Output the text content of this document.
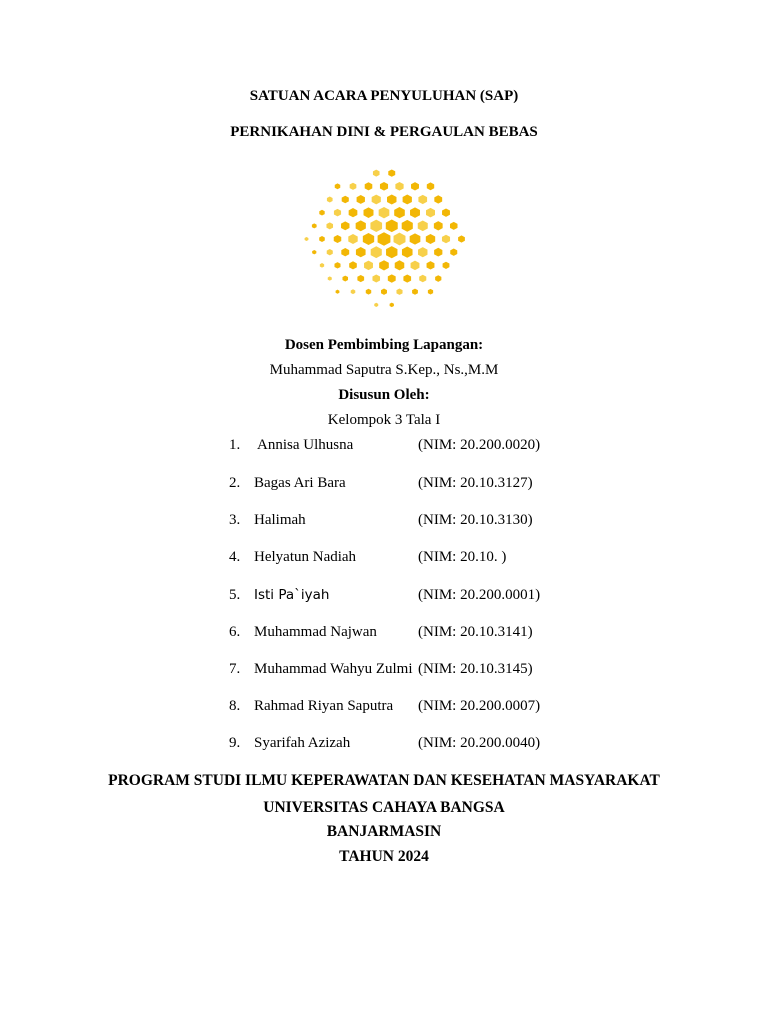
SATUAN ACARA PENYULUHAN (SAP)
PERNIKAHAN DINI & PERGAULAN BEBAS
Dosen Pembimbing Lapangan:
Muhammad Saputra S.Kep., Ns.,M.M
Disusun Oleh:
Kelompok 3 Tala I
1. Annisa Ulhusna	(NIM: 20.200.0020)
2. Bagas Ari Bara	(NIM: 20.10.3127)
3. Halimah	(NIM: 20.10.3130)
4. Helyatun Nadiah	(NIM: 20.10. )
5. Isti Pa`iyah	(NIM: 20.200.0001)
6. Muhammad Najwan	(NIM: 20.10.3141)
7. Muhammad Wahyu Zulmi (NIM: 20.10.3145)
8. Rahmad Riyan Saputra (NIM: 20.200.0007)
9. Syarifah Azizah	(NIM: 20.200.0040)
PROGRAM STUDI ILMU KEPERAWATAN DAN KESEHATAN MASYARAKAT
UNIVERSITAS CAHAYA BANGSA
BANJARMASIN
TAHUN 2024
